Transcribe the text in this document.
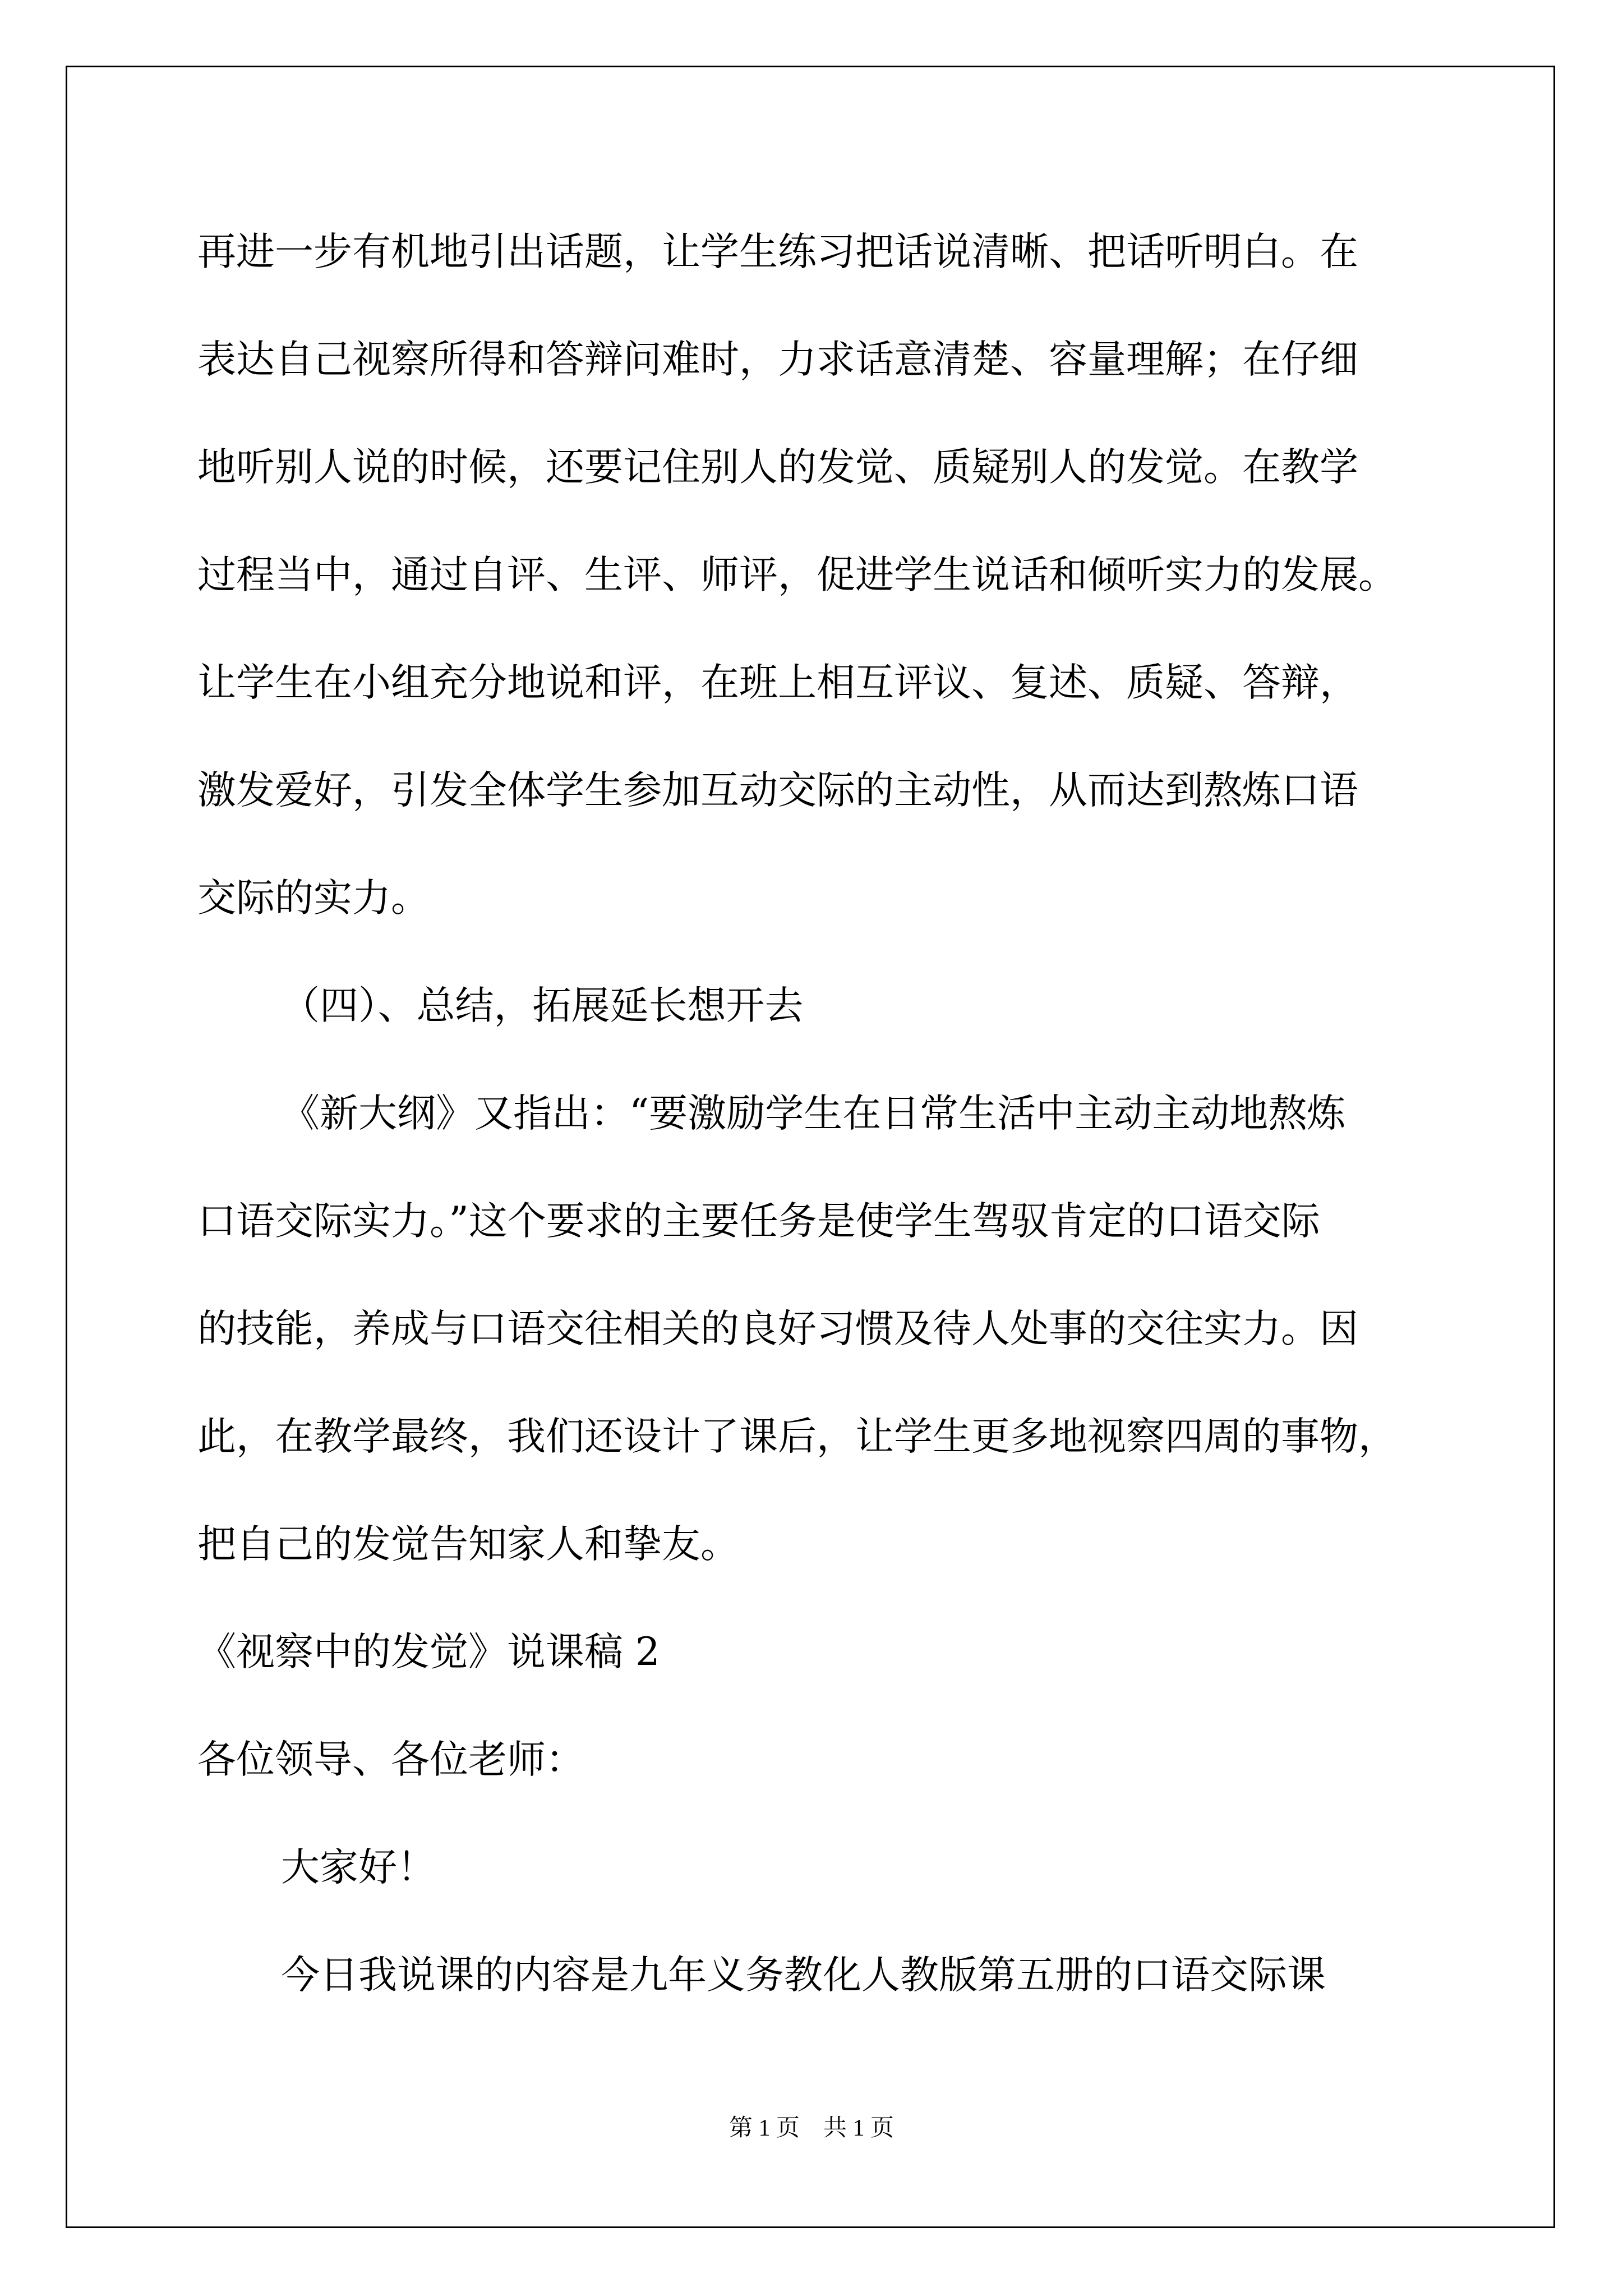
再进一步有机地引出话题，让学生练习把话说清晰、把话听明白。在
表达自己视察所得和答辩问难时，力求话意清楚、容量理解；在仔细
地听别人说的时候，还要记住别人的发觉、质疑别人的发觉。在教学
过程当中，通过自评、生评、师评，促进学生说话和倾听实力的发展。
让学生在小组充分地说和评，在班上相互评议、复述、质疑、答辩，
激发爱好，引发全体学生参加互动交际的主动性，从而达到熬炼口语
交际的实力。
（四）、总结，拓展延长想开去
《新大纲》又指出：“要激励学生在日常生活中主动主动地熬炼
口语交际实力。”这个要求的主要任务是使学生驾驭肯定的口语交际
的技能，养成与口语交往相关的良好习惯及待人处事的交往实力。因
此，在教学最终，我们还设计了课后，让学生更多地视察四周的事物，
把自己的发觉告知家人和挚友。
《视察中的发觉》说课稿 2
各位领导、各位老师：
大家好！
今日我说课的内容是九年义务教化人教版第五册的口语交际课
第 1 页　共 1 页
